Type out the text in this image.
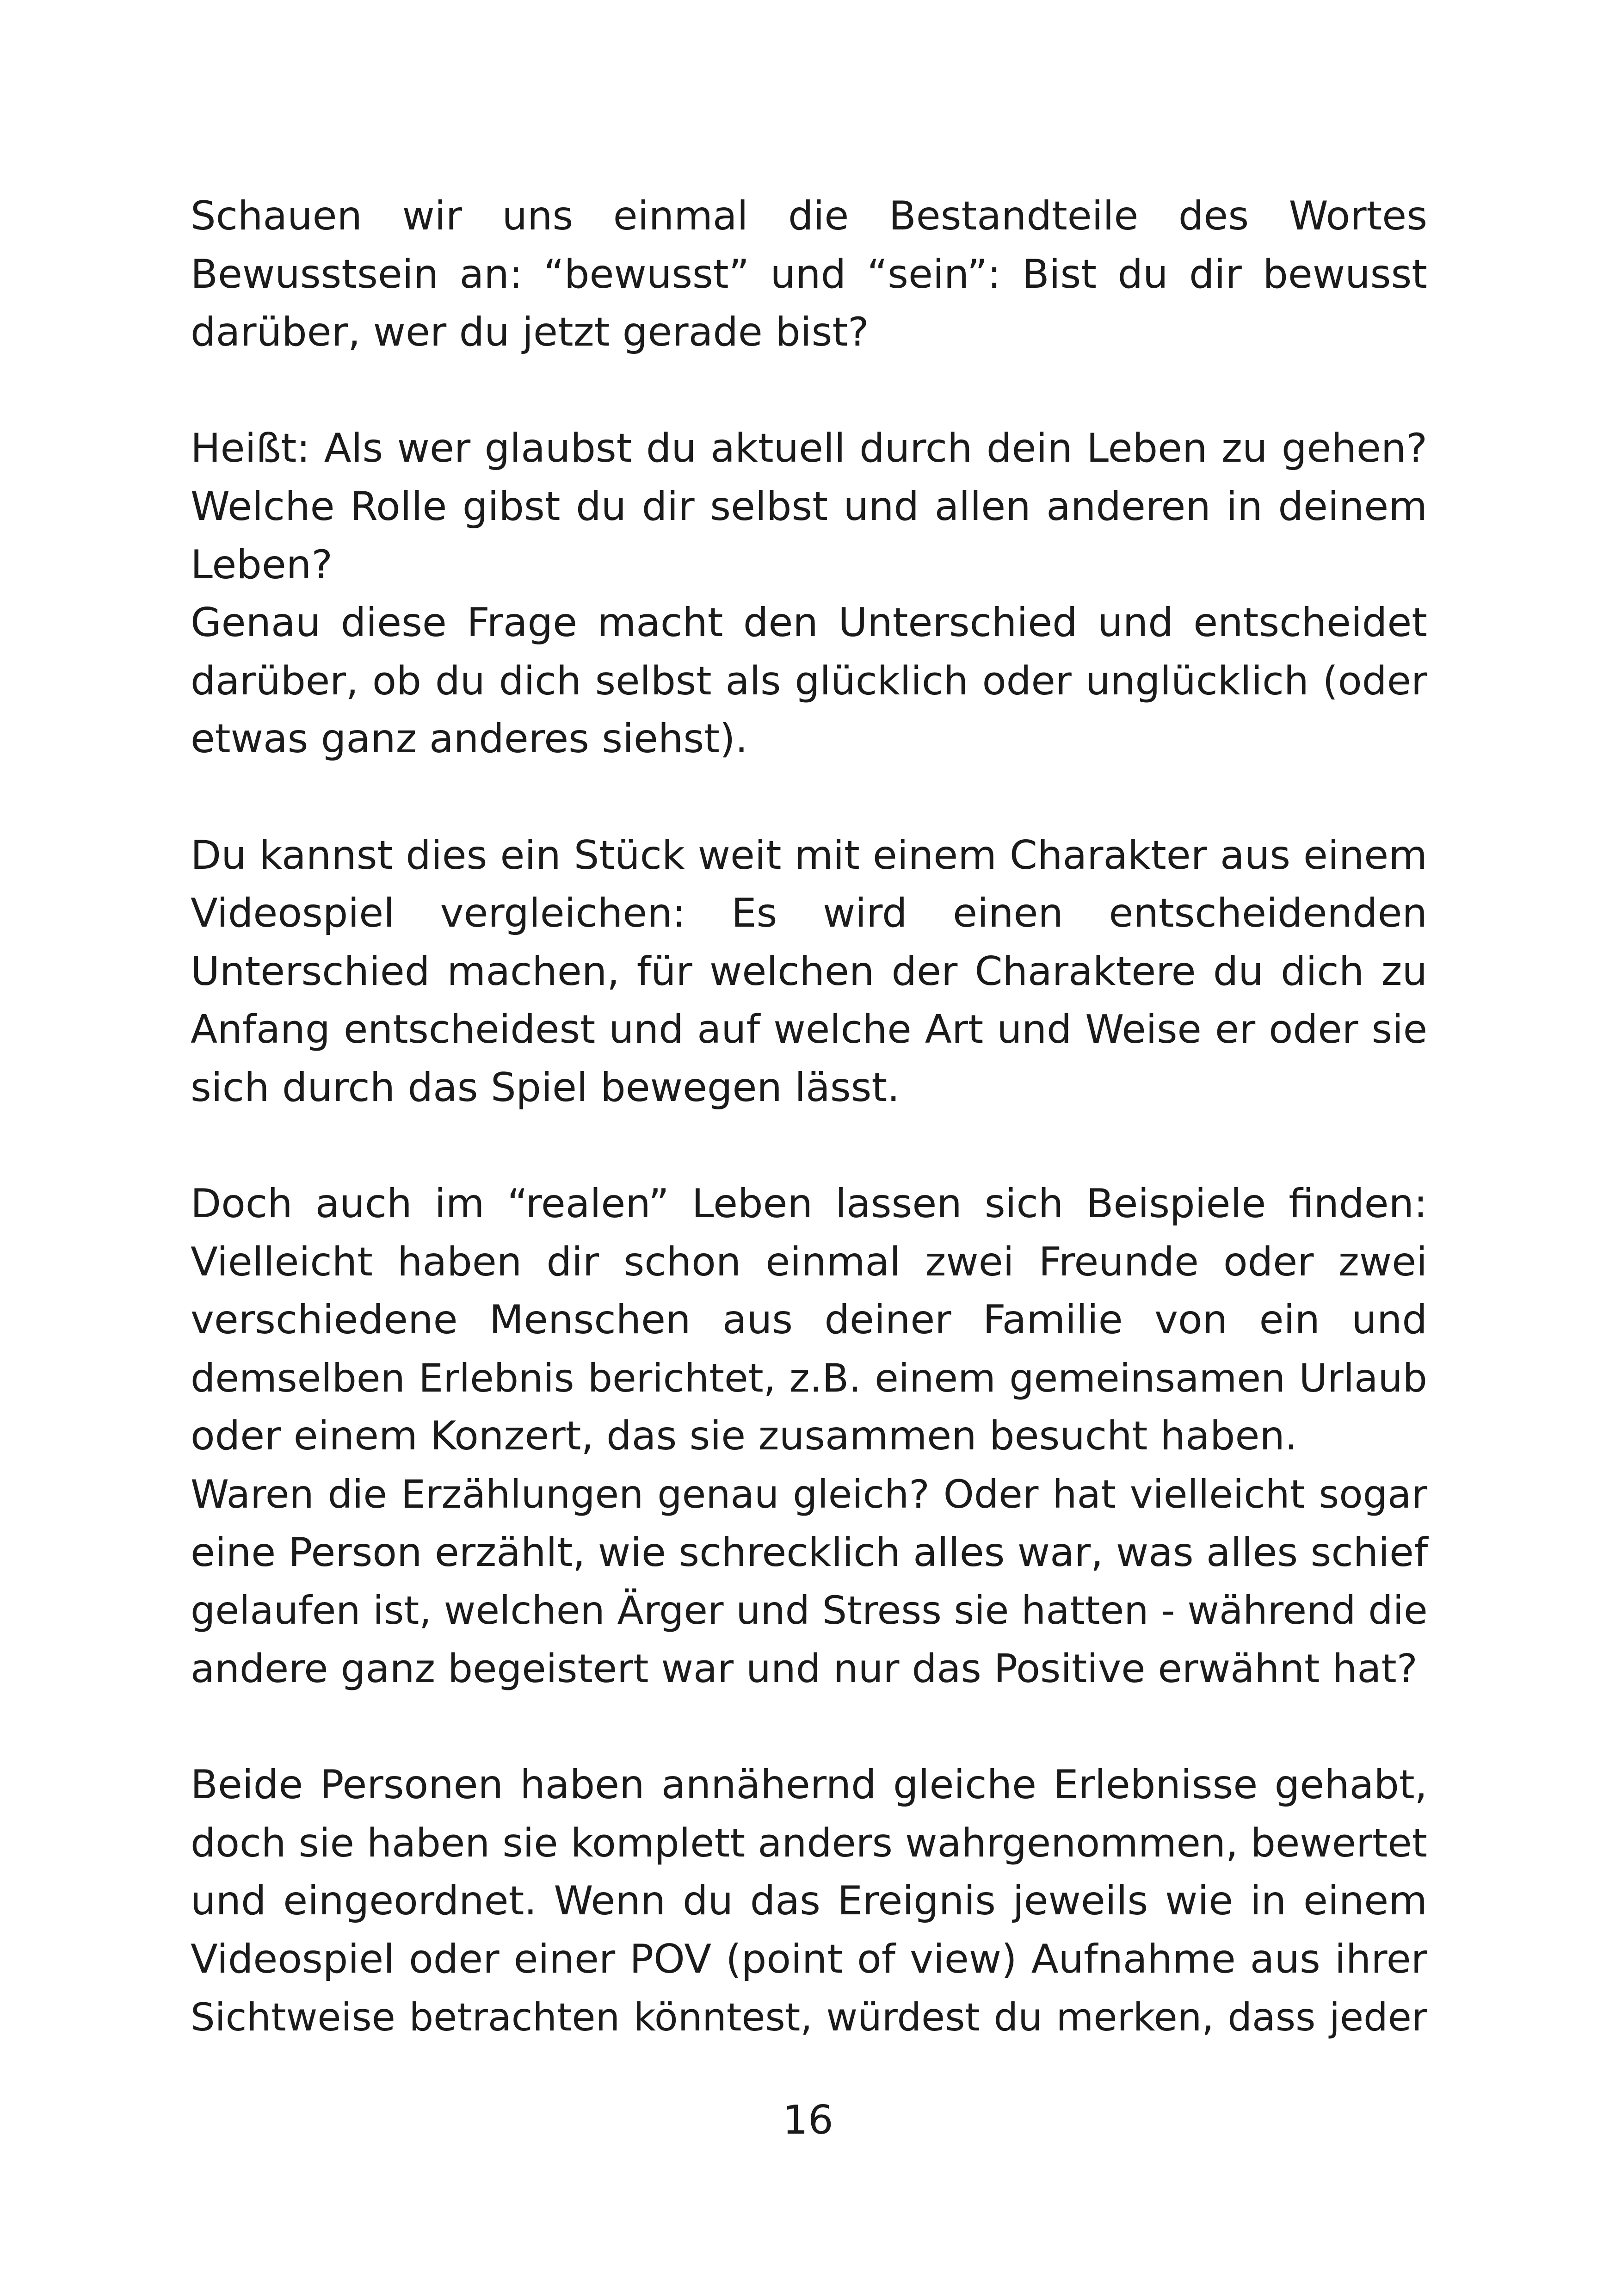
Schauen wir uns einmal die Bestandteile des Wortes
Bewusstsein an: “bewusst” und “sein”: Bist du dir bewusst
darüber, wer du jetzt gerade bist?
Heißt: Als wer glaubst du aktuell durch dein Leben zu gehen?
Welche Rolle gibst du dir selbst und allen anderen in deinem
Leben?
Genau diese Frage macht den Unterschied und entscheidet
darüber, ob du dich selbst als glücklich oder unglücklich (oder
etwas ganz anderes siehst).
Du kannst dies ein Stück weit mit einem Charakter aus einem
Videospiel vergleichen: Es wird einen entscheidenden
Unterschied machen, für welchen der Charaktere du dich zu
Anfang entscheidest und auf welche Art und Weise er oder sie
sich durch das Spiel bewegen lässt.
Doch auch im “realen” Leben lassen sich Beispiele finden:
Vielleicht haben dir schon einmal zwei Freunde oder zwei
verschiedene Menschen aus deiner Familie von ein und
demselben Erlebnis berichtet, z.B. einem gemeinsamen Urlaub
oder einem Konzert, das sie zusammen besucht haben.
Waren die Erzählungen genau gleich? Oder hat vielleicht sogar
eine Person erzählt, wie schrecklich alles war, was alles schief
gelaufen ist, welchen Ärger und Stress sie hatten - während die
andere ganz begeistert war und nur das Positive erwähnt hat?
Beide Personen haben annähernd gleiche Erlebnisse gehabt,
doch sie haben sie komplett anders wahrgenommen, bewertet
und eingeordnet. Wenn du das Ereignis jeweils wie in einem
Videospiel oder einer POV (point of view) Aufnahme aus ihrer
Sichtweise betrachten könntest, würdest du merken, dass jeder
16
